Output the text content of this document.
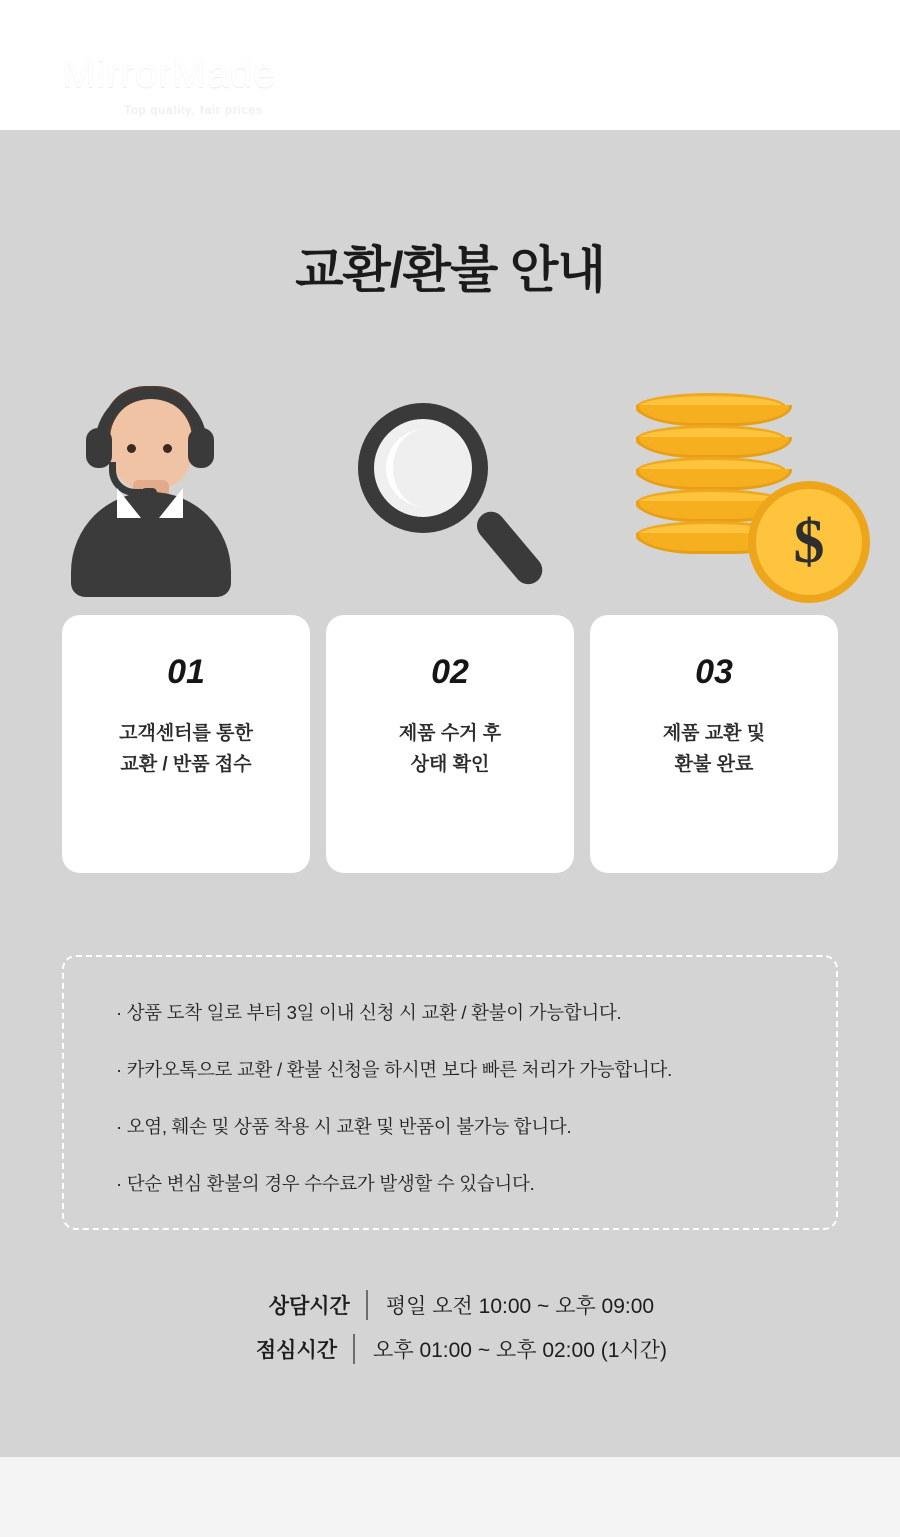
MirrorMade
Top quality, fair prices
교환/환불 안내
$
01
고객센터를 통한
교환 / 반품 접수
02
제품 수거 후
상태 확인
03
제품 교환 및
환불 완료

· 상품 도착 일로 부터 3일 이내 신청 시 교환 / 환불이 가능합니다.

· 카카오톡으로 교환 / 환불 신청을 하시면 보다 빠른 처리가 가능합니다.

· 오염, 훼손 및 상품 착용 시 교환 및 반품이 불가능 합니다.

· 단순 변심 환불의 경우 수수료가 발생할 수 있습니다.

상담시간	평일 오전 10:00 ~ 오후 09:00
점심시간	오후 01:00 ~ 오후 02:00 (1시간)
